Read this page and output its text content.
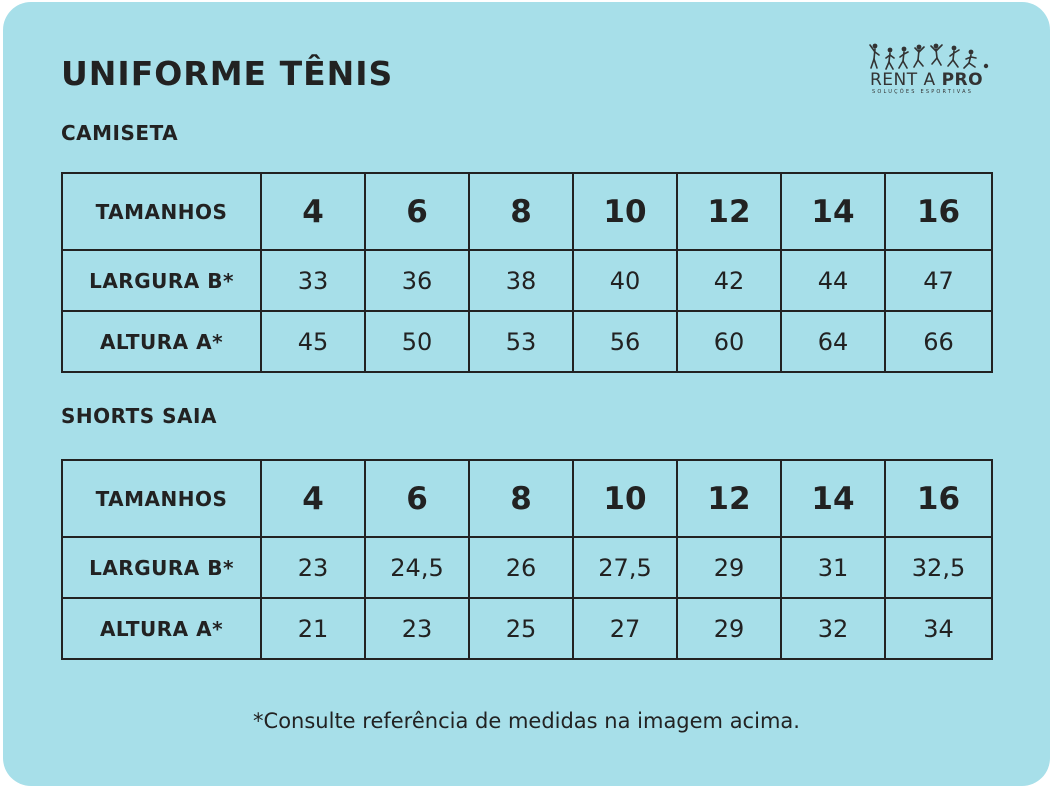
UNIFORME TÊNIS	RENT A PRO
SOLUÇÕES ESPORTIVAS
CAMISETA
TAMANHOS	4	6	8	10	12	14	16
LARGURA B*	33	36	38	40	42	44	47
ALTURA A*	45	50	53	56	60	64	66
SHORTS SAIA
TAMANHOS	4	6	8	10	12	14	16
LARGURA B*	23	24,5	26	27,5	29	31	32,5
ALTURA A*	21	23	25	27	29	32	34
*Consulte referência de medidas na imagem acima.
